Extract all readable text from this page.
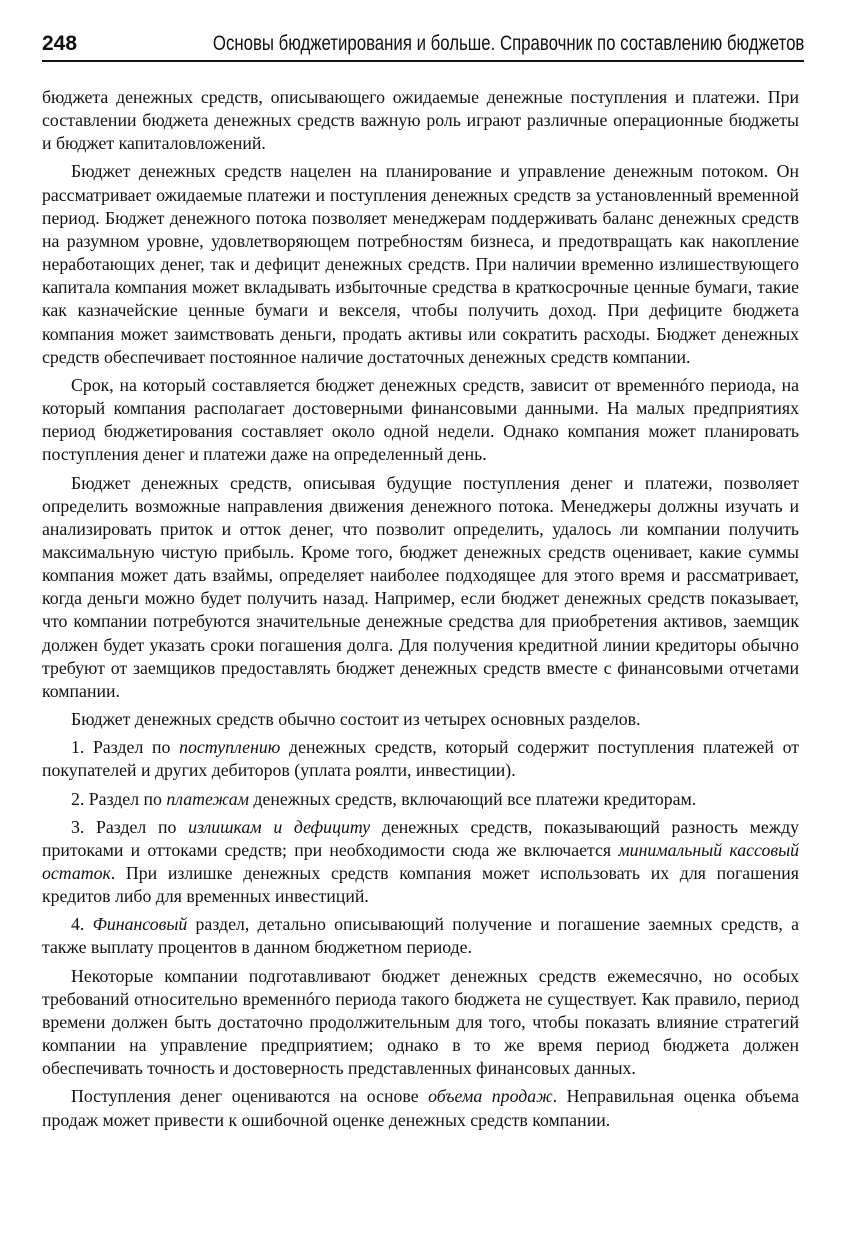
248	Основы бюджетирования и больше. Справочник по составлению бюджетов

бюджета денежных средств, описывающего ожидаемые денежные поступления и платежи. При составлении бюджета денежных средств важную роль играют различные операционные бюджеты и бюджет капиталовложений.

Бюджет денежных средств нацелен на планирование и управление денежным потоком. Он рассматривает ожидаемые платежи и поступления денежных средств за установленный временной период. Бюджет денежного потока позволяет менеджерам поддерживать баланс денежных средств на разумном уровне, удовлетворяющем потребностям бизнеса, и предотвращать как накопление неработающих денег, так и дефицит денежных средств. При наличии временно излишествующего капитала компания может вкладывать избыточные средства в краткосрочные ценные бумаги, такие как казначейские ценные бумаги и векселя, чтобы получить доход. При дефиците бюджета компания может заимствовать деньги, продать активы или сократить расходы. Бюджет денежных средств обеспечивает постоянное наличие достаточных денежных средств компании.

Срок, на который составляется бюджет денежных средств, зависит от временнóго периода, на который компания располагает достоверными финансовыми данными. На малых предприятиях период бюджетирования составляет около одной недели. Однако компания может планировать поступления денег и платежи даже на определенный день.

Бюджет денежных средств, описывая будущие поступления денег и платежи, позволяет определить возможные направления движения денежного потока. Менеджеры должны изучать и анализировать приток и отток денег, что позволит определить, удалось ли компании получить максимальную чистую прибыль. Кроме того, бюджет денежных средств оценивает, какие суммы компания может дать взаймы, определяет наиболее подходящее для этого время и рассматривает, когда деньги можно будет получить назад. Например, если бюджет денежных средств показывает, что компании потребуются значительные денежные средства для приобретения активов, заемщик должен будет указать сроки погашения долга. Для получения кредитной линии кредиторы обычно требуют от заемщиков предоставлять бюджет денежных средств вместе с финансовыми отчетами компании.

Бюджет денежных средств обычно состоит из четырех основных разделов.

1. Раздел по поступлению денежных средств, который содержит поступления платежей от покупателей и других дебиторов (уплата роялти, инвестиции).

2. Раздел по платежам денежных средств, включающий все платежи кредиторам.

3. Раздел по излишкам и дефициту денежных средств, показывающий разность между притоками и оттоками средств; при необходимости сюда же включается минимальный кассовый остаток. При излишке денежных средств компания может использовать их для погашения кредитов либо для временных инвестиций.

4. Финансовый раздел, детально описывающий получение и погашение заемных средств, а также выплату процентов в данном бюджетном периоде.

Некоторые компании подготавливают бюджет денежных средств ежемесячно, но особых требований относительно временнóго периода такого бюджета не существует. Как правило, период времени должен быть достаточно продолжительным для того, чтобы показать влияние стратегий компании на управление предприятием; однако в то же время период бюджета должен обеспечивать точность и достоверность представленных финансовых данных.

Поступления денег оцениваются на основе объема продаж. Неправильная оценка объема продаж может привести к ошибочной оценке денежных средств компании.
